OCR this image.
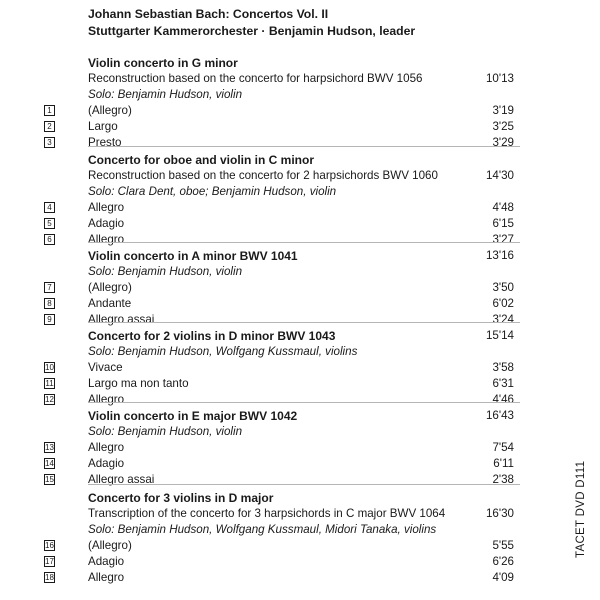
Johann Sebastian Bach: Concertos Vol. II
Stuttgarter Kammerorchester · Benjamin Hudson, leader
Violin concerto in G minor
Reconstruction based on the concerto for harpsichord BWV 1056	10'13
Solo: Benjamin Hudson, violin
1	(Allegro)	3'19
2	Largo	3'25
3	Presto	3'29
Concerto for oboe and violin in C minor
Reconstruction based on the concerto for 2 harpsichords BWV 1060	14'30
Solo: Clara Dent, oboe; Benjamin Hudson, violin
4	Allegro	4'48
5	Adagio	6'15
6	Allegro	3'27
Violin concerto in A minor BWV 1041	13'16
Solo: Benjamin Hudson, violin
7	(Allegro)	3'50
8	Andante	6'02
9	Allegro assai	3'24
Concerto for 2 violins in D minor BWV 1043	15'14
Solo: Benjamin Hudson, Wolfgang Kussmaul, violins
10	Vivace	3'58
11	Largo ma non tanto	6'31
12	Allegro	4'46
Violin concerto in E major BWV 1042	16'43
Solo: Benjamin Hudson, violin
13	Allegro	7'54
14	Adagio	6'11
15	Allegro assai	2'38
Concerto for 3 violins in D major
Transcription of the concerto for 3 harpsichords in C major BWV 1064	16'30
Solo: Benjamin Hudson, Wolfgang Kussmaul, Midori Tanaka, violins
16	(Allegro)	5'55
17	Adagio	6'26
18	Allegro	4'09
TACET DVD D111
